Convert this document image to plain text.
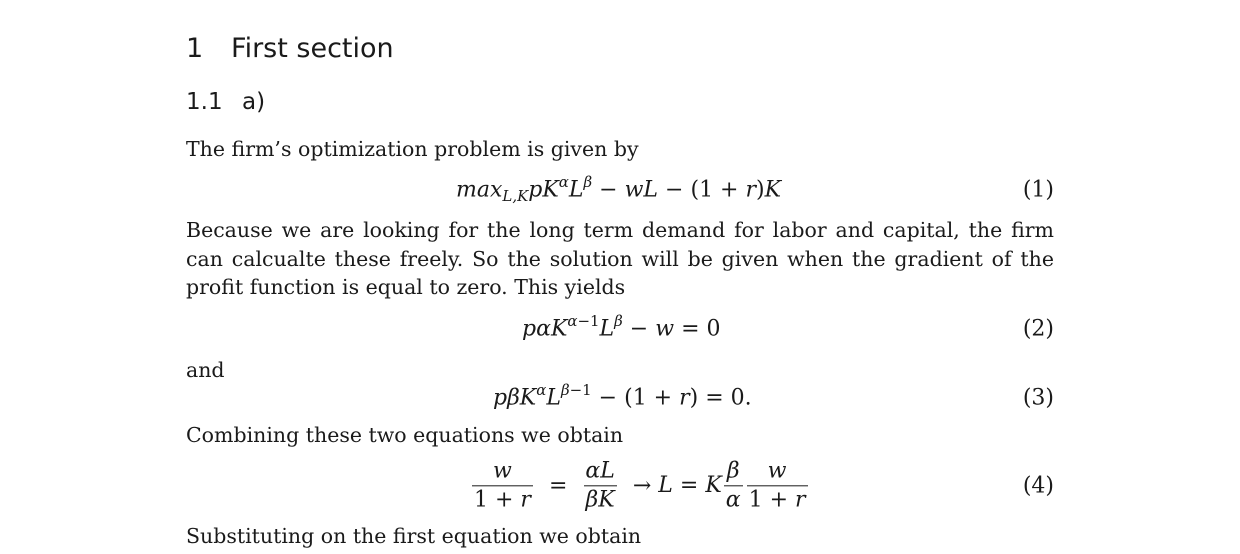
1 First section
1.1 a)
The firm’s optimization problem is given by
$\max_{L,K}pK^\alpha L^\beta$ − wL − (1 + r)K	(1)
Because we are looking for the long term demand for labor and capital, the firm can calcualte these freely. So the solution will be given when the gradient of the profit function is equal to zero. This yields
$p\alpha K^{\alpha-1}L^\beta - w = 0$	(2)
and
$p\beta K^\alpha L^{\beta-1} - (1 + r) = 0$.	(3)
Combining these two equations we obtain
$\frac{w}{1 + r} = \frac{\alpha L}{\beta K} \to L = K \frac{\beta}{\alpha} \frac{w}{1 + r}$	(4)
Substituting on the first equation we obtain
